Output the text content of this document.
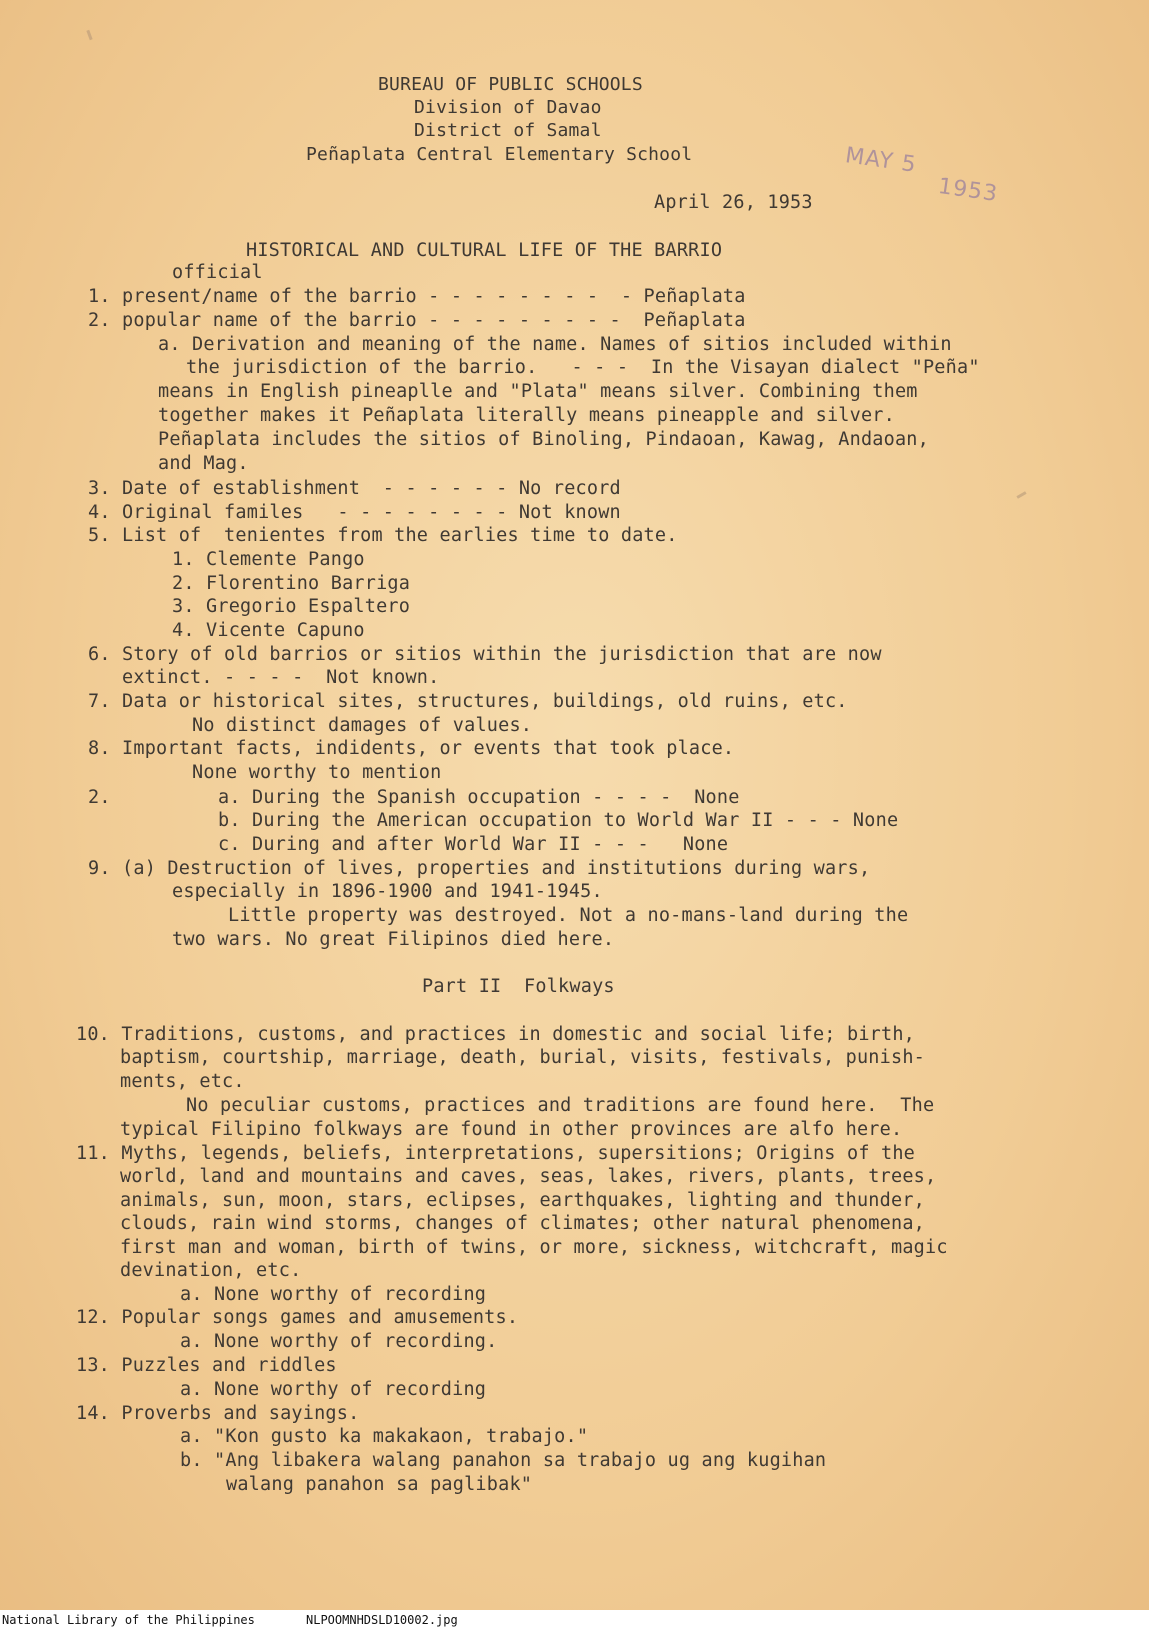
BUREAU OF PUBLIC SCHOOLS
Division of Davao
District of Samal
Peñaplata Central Elementary School	MAY 5
1953
April 26, 1953
HISTORICAL AND CULTURAL LIFE OF THE BARRIO
official
1. present/name of the barrio - - - - - - - -  - Peñaplata
2. popular name of the barrio - - - - - - - - -  Peñaplata
a. Derivation and meaning of the name. Names of sitios included within
the jurisdiction of the barrio.   - - -  In the Visayan dialect "Peña"
means in English pineaplle and "Plata" means silver. Combining them
together makes it Peñaplata literally means pineapple and silver.
Peñaplata includes the sitios of Binoling, Pindaoan, Kawag, Andaoan,
and Mag.
3. Date of establishment  - - - - - - No record
4. Original familes   - - - - - - - - Not known
5. List of  tenientes from the earlies time to date.
1. Clemente Pango
2. Florentino Barriga
3. Gregorio Espaltero
4. Vicente Capuno
6. Story of old barrios or sitios within the jurisdiction that are now
extinct. - - - -  Not known.
7. Data or historical sites, structures, buildings, old ruins, etc.
No distinct damages of values.
8. Important facts, indidents, or events that took place.
None worthy to mention
2.	a. During the Spanish occupation - - - -  None
b. During the American occupation to World War II - - - None
c. During and after World War II - - -   None
9. (a) Destruction of lives, properties and institutions during wars,
especially in 1896-1900 and 1941-1945.
Little property was destroyed. Not a no-mans-land during the
two wars. No great Filipinos died here.
Part II  Folkways
10. Traditions, customs, and practices in domestic and social life; birth,
baptism, courtship, marriage, death, burial, visits, festivals, punish-
ments, etc.
No peculiar customs, practices and traditions are found here.  The
typical Filipino folkways are found in other provinces are alfo here.
11. Myths, legends, beliefs, interpretations, supersitions; Origins of the
world, land and mountains and caves, seas, lakes, rivers, plants, trees,
animals, sun, moon, stars, eclipses, earthquakes, lighting and thunder,
clouds, rain wind storms, changes of climates; other natural phenomena,
first man and woman, birth of twins, or more, sickness, witchcraft, magic
devination, etc.
a. None worthy of recording
12. Popular songs games and amusements.
a. None worthy of recording.
13. Puzzles and riddles
a. None worthy of recording
14. Proverbs and sayings.
a. "Kon gusto ka makakaon, trabajo."
b. "Ang libakera walang panahon sa trabajo ug ang kugihan
walang panahon sa paglibak"
National Library of the Philippines	NLPOOMNHDSLD10002.jpg
